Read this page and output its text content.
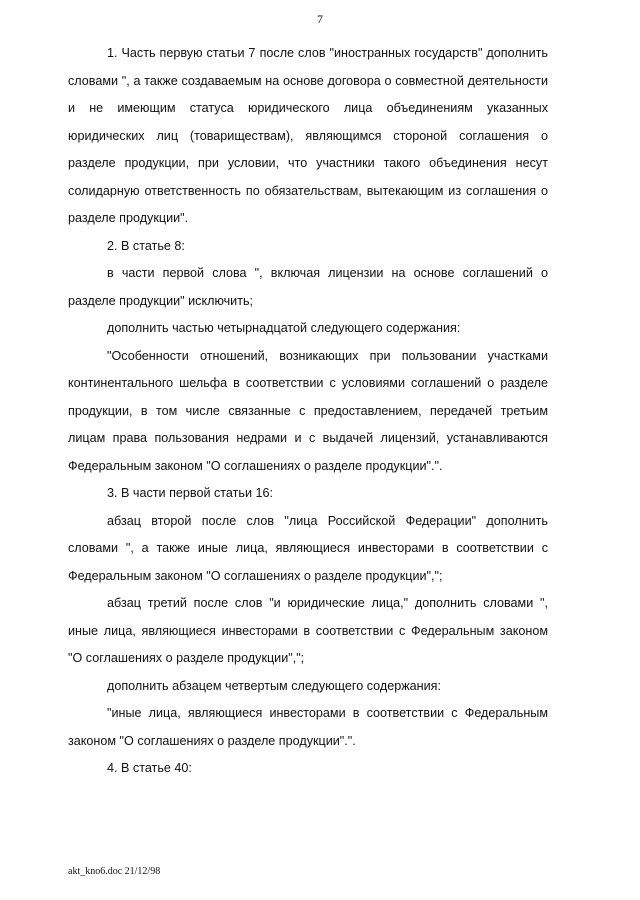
7

1. Часть первую статьи 7 после слов "иностранных государств" дополнить словами ", а также создаваемым на основе договора о совместной деятельности и не имеющим статуса юридического лица объединениям указанных юридических лиц (товариществам), являющимся стороной соглашения о разделе продукции, при условии, что участники такого объединения несут солидарную ответственность по обязательствам, вытекающим из соглашения о разделе продукции".

2. В статье 8:

в части первой слова ", включая лицензии на основе соглашений о разделе продукции" исключить;

дополнить частью четырнадцатой следующего содержания:

"Особенности отношений, возникающих при пользовании участками континентального шельфа в соответствии с условиями соглашений о разделе продукции, в том числе связанные с предоставлением, передачей третьим лицам права пользования недрами и с выдачей лицензий, устанавливаются Федеральным законом "О соглашениях о разделе продукции".".

3. В части первой статьи 16:

абзац второй после слов "лица Российской Федерации" дополнить словами ", а также иные лица, являющиеся инвесторами в соответствии с Федеральным законом "О соглашениях о разделе продукции",";

абзац третий после слов "и юридические лица," дополнить словами ", иные лица, являющиеся инвесторами в соответствии с Федеральным законом "О соглашениях о разделе продукции",";

дополнить абзацем четвертым следующего содержания:

"иные лица, являющиеся инвесторами в соответствии с Федеральным законом "О соглашениях о разделе продукции".".

4. В статье 40:

akt_kno6.doc 21/12/98
